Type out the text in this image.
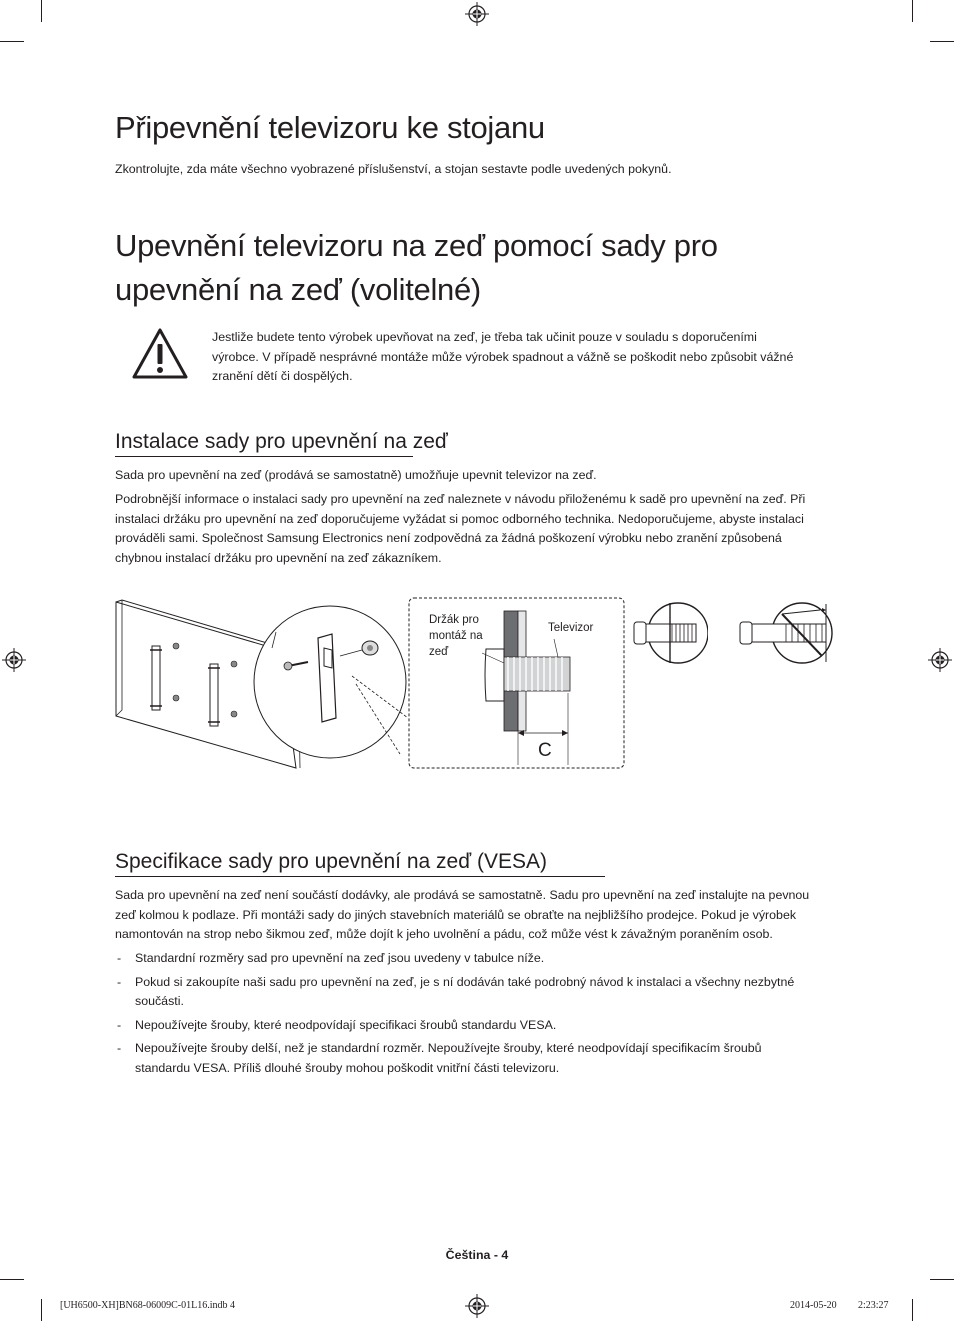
Připevnění televizoru ke stojanu

Zkontrolujte, zda máte všechno vyobrazené příslušenství, a stojan sestavte podle uvedených pokynů.

Upevnění televizoru na zeď pomocí sady pro
upevnění na zeď (volitelné)

Jestliže budete tento výrobek upevňovat na zeď, je třeba tak učinit pouze v souladu s doporučeními

výrobce. V případě nesprávné montáže může výrobek spadnout a vážně se poškodit nebo způsobit vážné

zranění dětí či dospělých.

Instalace sady pro upevnění na zeď

Sada pro upevnění na zeď (prodává se samostatně) umožňuje upevnit televizor na zeď.

Podrobnější informace o instalaci sady pro upevnění na zeď naleznete v návodu přiloženému k sadě pro upevnění na zeď. Při

instalaci držáku pro upevnění na zeď doporučujeme vyžádat si pomoc odborného technika. Nedoporučujeme, abyste instalaci

prováděli sami. Společnost Samsung Electronics není zodpovědná za žádná poškození výrobku nebo zranění způsobená

chybnou instalací držáku pro upevnění na zeď zákazníkem.

Držák pro
montáž na
zeď
Televizor
C
Specifikace sady pro upevnění na zeď (VESA)

Sada pro upevnění na zeď není součástí dodávky, ale prodává se samostatně. Sadu pro upevnění na zeď instalujte na pevnou

zeď kolmou k podlaze. Při montáži sady do jiných stavebních materiálů se obraťte na nejbližšího prodejce. Pokud je výrobek

namontován na strop nebo šikmou zeď, může dojít k jeho uvolnění a pádu, což může vést k závažným poraněním osob.

- Standardní rozměry sad pro upevnění na zeď jsou uvedeny v tabulce níže.
- Pokud si zakoupíte naši sadu pro upevnění na zeď, je s ní dodáván také podrobný návod k instalaci a všechny nezbytné
součásti.
- Nepoužívejte šrouby, které neodpovídají specifikaci šroubů standardu VESA.
- Nepoužívejte šrouby delší, než je standardní rozměr. Nepoužívejte šrouby, které neodpovídají specifikacím šroubů
standardu VESA. Příliš dlouhé šrouby mohou poškodit vnitřní části televizoru.
Čeština - 4
[UH6500-XH]BN68-06009C-01L16.indb 4	2014-05-20 2:23:27
